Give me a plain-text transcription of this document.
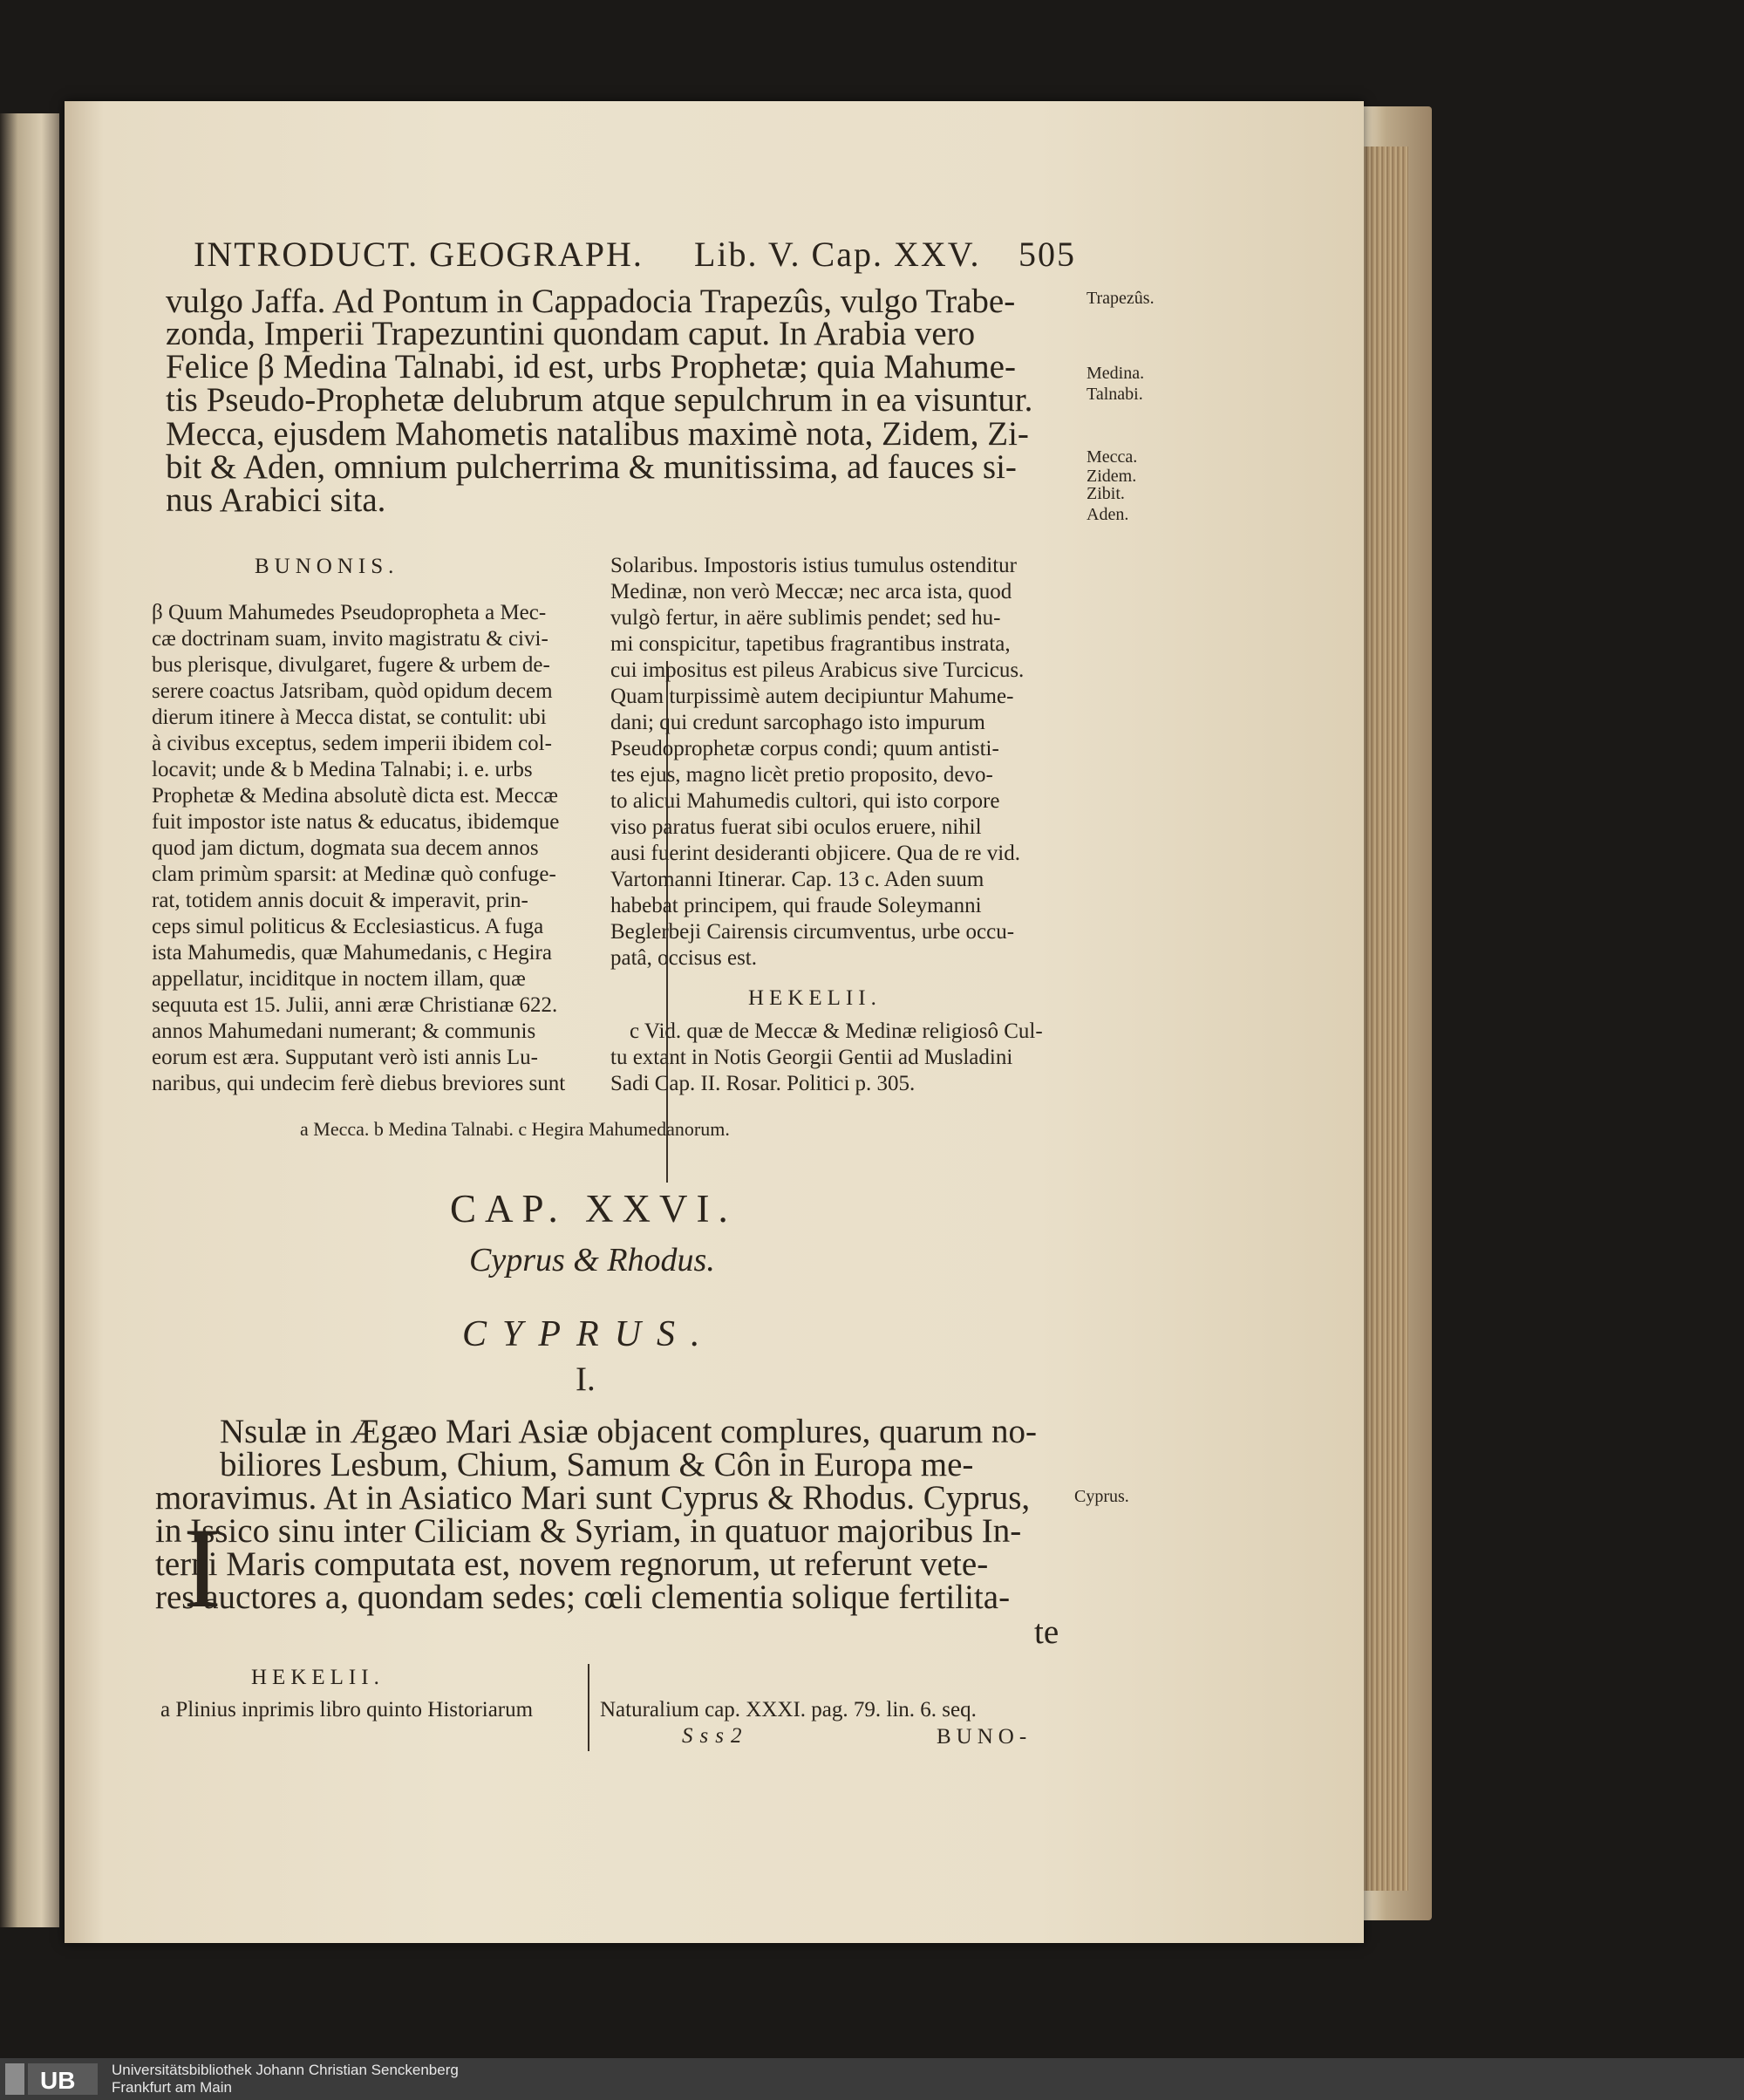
INTRODUCT. GEOGRAPH. Lib. V. Cap. XXV. 505
vulgo Jaffa. Ad Pontum in Cappadocia Trapezûs, vulgo Trabe-
zonda, Imperii Trapezuntini quondam caput. In Arabia vero
Felice β Medina Talnabi, id est, urbs Prophetæ; quia Mahume-
tis Pseudo-Prophetæ delubrum atque sepulchrum in ea visuntur.
Mecca, ejusdem Mahometis natalibus maximè nota, Zidem, Zi-
bit & Aden, omnium pulcherrima & munitissima, ad fauces si-
nus Arabici sita.
Trapezûs.
Medina.
Talnabi.
Mecca.
Zidem.
Zibit.
Aden.
BUNONIS.
β Quum Mahumedes Pseudopropheta a Mec-
cæ doctrinam suam, invito magistratu & civi-
bus plerisque, divulgaret, fugere & urbem de-
serere coactus Jatsribam, quòd opidum decem
dierum itinere à Mecca distat, se contulit: ubi
à civibus exceptus, sedem imperii ibidem col-
locavit; unde & b Medina Talnabi; i. e. urbs
Prophetæ & Medina absolutè dicta est. Meccæ
fuit impostor iste natus & educatus, ibidemque
quod jam dictum, dogmata sua decem annos
clam primùm sparsit: at Medinæ quò confuge-
rat, totidem annis docuit & imperavit, prin-
ceps simul politicus & Ecclesiasticus. A fuga
ista Mahumedis, quæ Mahumedanis, c Hegira
appellatur, inciditque in noctem illam, quæ
sequuta est 15. Julii, anni æræ Christianæ 622.
annos Mahumedani numerant; & communis
eorum est æra. Supputant verò isti annis Lu-
naribus, qui undecim ferè diebus breviores sunt
Solaribus. Impostoris istius tumulus ostenditur
Medinæ, non verò Meccæ; nec arca ista, quod
vulgò fertur, in aëre sublimis pendet; sed hu-
mi conspicitur, tapetibus fragrantibus instrata,
cui impositus est pileus Arabicus sive Turcicus.
Quam turpissimè autem decipiuntur Mahume-
dani; qui credunt sarcophago isto impurum
Pseudoprophetæ corpus condi; quum antisti-
tes ejus, magno licèt pretio proposito, devo-
to alicui Mahumedis cultori, qui isto corpore
viso paratus fuerat sibi oculos eruere, nihil
ausi fuerint desideranti objicere. Qua de re vid.
Vartomanni Itinerar. Cap. 13 c. Aden suum
habebat principem, qui fraude Soleymanni
Beglerbeji Cairensis circumventus, urbe occu-
patâ, occisus est.
HEKELII.
c Vid. quæ de Meccæ & Medinæ religiosô Cul-
tu extant in Notis Georgii Gentii ad Musladini
Sadi Cap. II. Rosar. Politici p. 305.
a Mecca. b Medina Talnabi. c Hegira Mahumedanorum.
CAP. XXVI.
Cyprus & Rhodus.
CYPRUS.
I.
I
Nsulæ in Ægæo Mari Asiæ objacent complures, quarum no-
biliores Lesbum, Chium, Samum & Côn in Europa me-
moravimus. At in Asiatico Mari sunt Cyprus & Rhodus. Cyprus,
in Issico sinu inter Ciliciam & Syriam, in quatuor majoribus In-
terni Maris computata est, novem regnorum, ut referunt vete-
res auctores a, quondam sedes; cœli clementia solique fertilita-
te
Cyprus.
HEKELII.
a Plinius inprimis libro quinto Historiarum	Naturalium cap. XXXI. pag. 79. lin. 6. seq.
Sss2	BUNO-
UB Universitätsbibliothek Johann Christian Senckenberg
Frankfurt am Main
